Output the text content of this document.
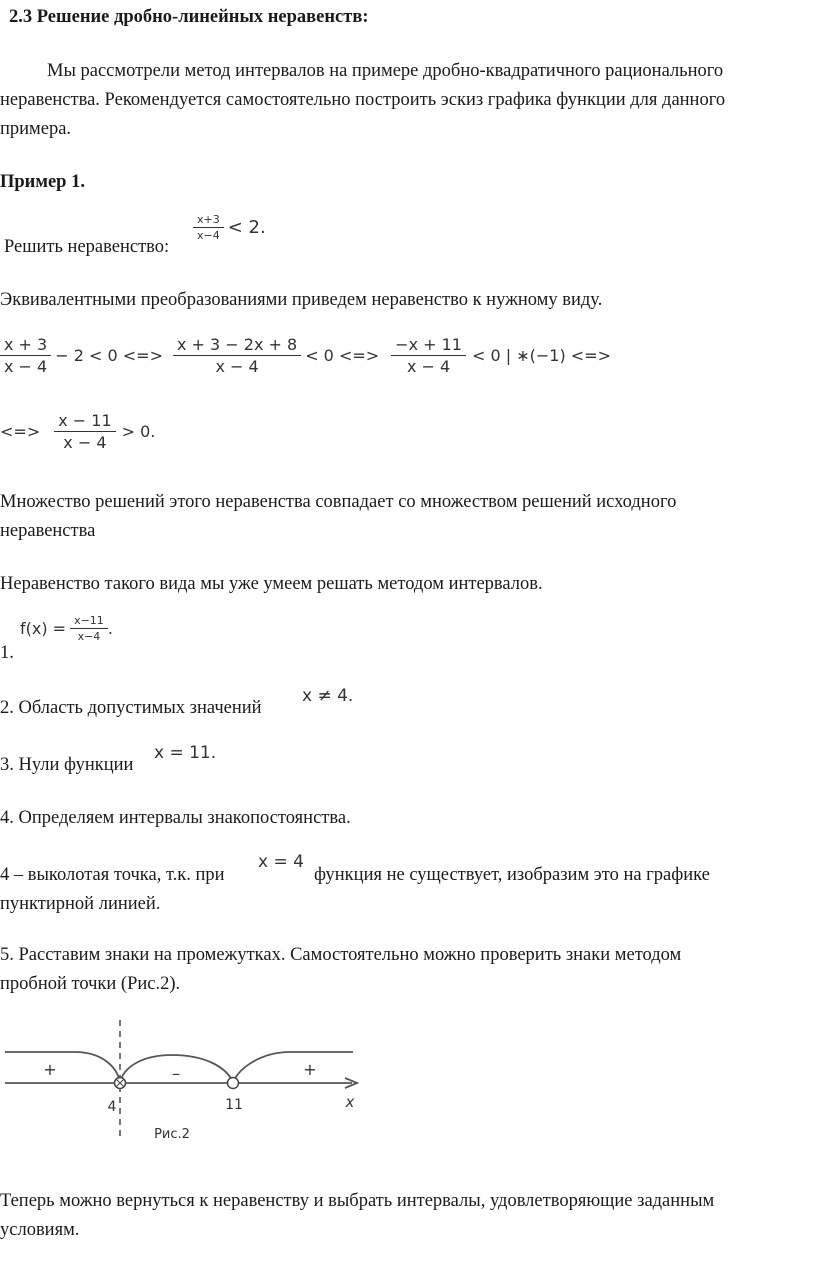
2.3 Решение дробно-линейных неравенств:
Мы рассмотрели метод интервалов на примере дробно-квадратичного рационального
неравенства. Рекомендуется самостоятельно построить эскиз графика функции для данного
примера.
Пример 1.
Решить неравенство:
$\frac{x+3}{x-4} < 2$.
Эквивалентными преобразованиями приведем неравенство к нужному виду.
$\frac{x + 3}{x - 4} - 2 < 0$ <=> $\frac{x + 3 - 2x + 8}{x - 4} < 0$ <=> $\frac{-x + 11}{x - 4} < 0$ | ∗(−1) <=>
<=> $\frac{x - 11}{x - 4} > 0$.
Множество решений этого неравенства совпадает со множеством решений исходного
неравенства
Неравенство такого вида мы уже умеем решать методом интервалов.
1.
$f(x) = \frac{x-11}{x-4}$ .
2. Область допустимых значений
x ≠ 4.
3. Нули функции
x = 11.
4. Определяем интервалы знакопостоянства.
4 – выколотая точка, т.к. при
x = 4
функция не существует, изобразим это на графике
пунктирной линией.
5. Расставим знаки на промежутках. Самостоятельно можно проверить знаки методом
пробной точки (Рис.2).
+	–	+
4	11	x
Рис.2
Теперь можно вернуться к неравенству и выбрать интервалы, удовлетворяющие заданным
условиям.
